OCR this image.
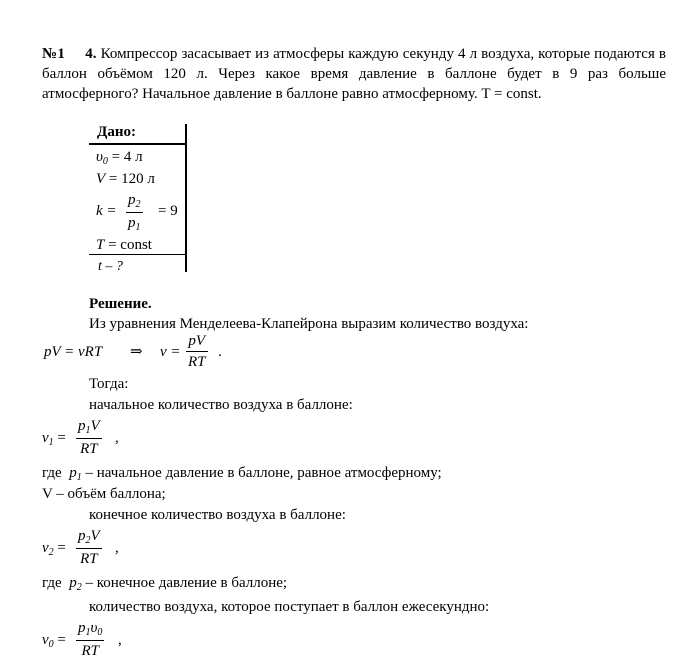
№1 4. Компрессор засасывает из атмосферы каждую секунду 4 л воздуха, которые подаются в баллон объёмом 120 л. Через какое время давление в баллоне будет в 9 раз больше атмосферного? Начальное давление в баллоне равно атмосферному. T = const.
Дано:
$\upsilon_0 = 4$ л
V = 120 л
$k = \frac{p_2}{p_1} = 9$
T = const
t – ?
Решение.
Из уравнения Менделеева-Клапейрона выразим количество воздуха:
pV = νRT ⇒ $\nu = \frac{pV}{RT}$ .
Тогда:
начальное количество воздуха в баллоне:
$\nu_1 = \frac{p_1V}{RT}$ ,
где $p_1$ – начальное давление в баллоне, равное атмосферному;
V – объём баллона;
конечное количество воздуха в баллоне:
$\nu_2 = \frac{p_2V}{RT}$ ,
где $p_2$ – конечное давление в баллоне;
количество воздуха, которое поступает в баллон ежесекундно:
$\nu_0 = \frac{p_1\upsilon_0}{RT}$ ,
